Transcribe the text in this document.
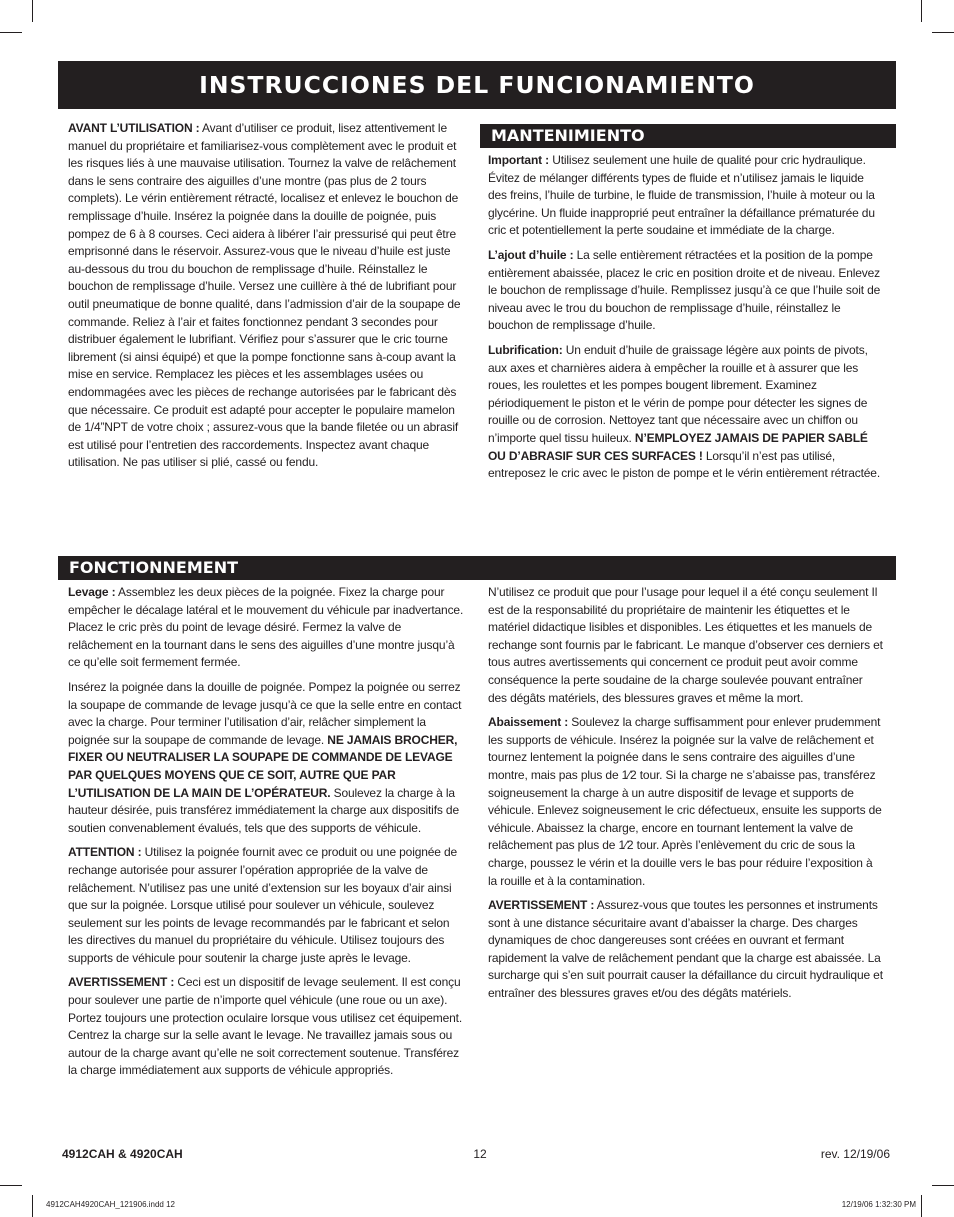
INSTRUCCIONES DEL FUNCIONAMIENTO

AVANT L’UTILISATION : Avant d’utiliser ce produit, lisez attentivement le manuel du propriétaire et familiarisez-vous complètement avec le produit et les risques liés à une mauvaise utilisation. Tournez la valve de relâchement dans le sens contraire des aiguilles d’une montre (pas plus de 2 tours complets). Le vérin entièrement rétracté, localisez et enlevez le bouchon de remplissage d’huile. Insérez la poignée dans la douille de poignée, puis pompez de 6 à 8 courses. Ceci aidera à libérer l’air pressurisé qui peut être emprisonné dans le réservoir. Assurez-vous que le niveau d’huile est juste au-dessous du trou du bouchon de remplissage d’huile. Réinstallez le bouchon de remplissage d’huile. Versez une cuillère à thé de lubrifiant pour outil pneumatique de bonne qualité, dans l’admission d’air de la soupape de commande. Reliez à l’air et faites fonctionnez pendant 3 secondes pour distribuer également le lubrifiant. Vérifiez pour s’assurer que le cric tourne librement (si ainsi équipé) et que la pompe fonctionne sans à-coup avant la mise en service. Remplacez les pièces et les assemblages usées ou endommagées avec les pièces de rechange autorisées par le fabricant dès que nécessaire. Ce produit est adapté pour accepter le populaire mamelon de 1/4”NPT de votre choix ; assurez-vous que la bande filetée ou un abrasif est utilisé pour l’entretien des raccordements. Inspectez avant chaque utilisation. Ne pas utiliser si plié, cassé ou fendu.

MANTENIMIENTO

Important : Utilisez seulement une huile de qualité pour cric hydraulique. Évitez de mélanger différents types de fluide et n’utilisez jamais le liquide des freins, l’huile de turbine, le fluide de transmission, l’huile à moteur ou la glycérine. Un fluide inapproprié peut entraîner la défaillance prématurée du cric et potentiellement la perte soudaine et immédiate de la charge.

L’ajout d’huile : La selle entièrement rétractées et la position de la pompe entièrement abaissée, placez le cric en position droite et de niveau. Enlevez le bouchon de remplissage d’huile. Remplissez jusqu’à ce que l’huile soit de niveau avec le trou du bouchon de remplissage d’huile, réinstallez le bouchon de remplissage d’huile.

Lubrification: Un enduit d’huile de graissage légère aux points de pivots, aux axes et charnières aidera à empêcher la rouille et à assurer que les roues, les roulettes et les pompes bougent librement. Examinez périodiquement le piston et le vérin de pompe pour détecter les signes de rouille ou de corrosion. Nettoyez tant que nécessaire avec un chiffon ou n’importe quel tissu huileux. N’EMPLOYEZ JAMAIS DE PAPIER SABLÉ OU D’ABRASIF SUR CES SURFACES ! Lorsqu’il n’est pas utilisé, entreposez le cric avec le piston de pompe et le vérin entièrement rétractée.

FONCTIONNEMENT

Levage : Assemblez les deux pièces de la poignée. Fixez la charge pour empêcher le décalage latéral et le mouvement du véhicule par inadvertance. Placez le cric près du point de levage désiré. Fermez la valve de relâchement en la tournant dans le sens des aiguilles d’une montre jusqu’à ce qu’elle soit fermement fermée.

Insérez la poignée dans la douille de poignée. Pompez la poignée ou serrez la soupape de commande de levage jusqu’à ce que la selle entre en contact avec la charge. Pour terminer l’utilisation d’air, relâcher simplement la poignée sur la soupape de commande de levage. NE JAMAIS BROCHER, FIXER OU NEUTRALISER LA SOUPAPE DE COMMANDE DE LEVAGE PAR QUELQUES MOYENS QUE CE SOIT, AUTRE QUE PAR L’UTILISATION DE LA MAIN DE L’OPÉRATEUR. Soulevez la charge à la hauteur désirée, puis transférez immédiatement la charge aux dispositifs de soutien convenablement évalués, tels que des supports de véhicule.

ATTENTION : Utilisez la poignée fournit avec ce produit ou une poignée de rechange autorisée pour assurer l’opération appropriée de la valve de relâchement. N’utilisez pas une unité d’extension sur les boyaux d’air ainsi que sur la poignée. Lorsque utilisé pour soulever un véhicule, soulevez seulement sur les points de levage recommandés par le fabricant et selon les directives du manuel du propriétaire du véhicule. Utilisez toujours des supports de véhicule pour soutenir la charge juste après le levage.

AVERTISSEMENT : Ceci est un dispositif de levage seulement. Il est conçu pour soulever une partie de n’importe quel véhicule (une roue ou un axe). Portez toujours une protection oculaire lorsque vous utilisez cet équipement. Centrez la charge sur la selle avant le levage. Ne travaillez jamais sous ou autour de la charge avant qu’elle ne soit correctement soutenue. Transférez la charge immédiatement aux supports de véhicule appropriés.

N’utilisez ce produit que pour l’usage pour lequel il a été conçu seulement Il est de la responsabilité du propriétaire de maintenir les étiquettes et le matériel didactique lisibles et disponibles. Les étiquettes et les manuels de rechange sont fournis par le fabricant. Le manque d’observer ces derniers et tous autres avertissements qui concernent ce produit peut avoir comme conséquence la perte soudaine de la charge soulevée pouvant entraîner des dégâts matériels, des blessures graves et même la mort.

Abaissement : Soulevez la charge suffisamment pour enlever prudemment les supports de véhicule. Insérez la poignée sur la valve de relâchement et tournez lentement la poignée dans le sens contraire des aiguilles d’une montre, mais pas plus de 1⁄2 tour. Si la charge ne s’abaisse pas, transférez soigneusement la charge à un autre dispositif de levage et supports de véhicule. Enlevez soigneusement le cric défectueux, ensuite les supports de véhicule. Abaissez la charge, encore en tournant lentement la valve de relâchement pas plus de 1⁄2 tour. Après l’enlèvement du cric de sous la charge, poussez le vérin et la douille vers le bas pour réduire l’exposition à la rouille et à la contamination.

AVERTISSEMENT : Assurez-vous que toutes les personnes et instruments sont à une distance sécuritaire avant d’abaisser la charge. Des charges dynamiques de choc dangereuses sont créées en ouvrant et fermant rapidement la valve de relâchement pendant que la charge est abaissée. La surcharge qui s’en suit pourrait causer la défaillance du circuit hydraulique et entraîner des blessures graves et/ou des dégâts matériels.

4912CAH & 4920CAH	12	rev. 12/19/06
4912CAH4920CAH_121906.indd 12	12/19/06 1:32:30 PM
